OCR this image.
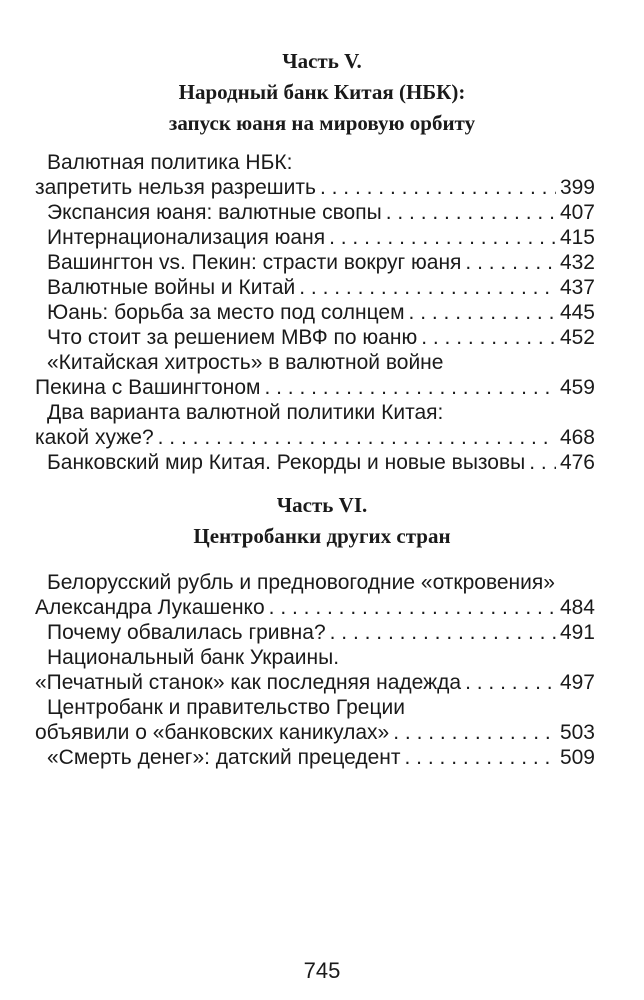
Часть V.
Народный банк Китая (НБК):
запуск юаня на мировую орбиту
Валютная политика НБК:
запретить нельзя разрешить . . .	399
Экспансия юаня: валютные свопы . . .	407
Интернационализация юаня . . .	415
Вашингтон vs. Пекин: страсти вокруг юаня . . .	432
Валютные войны и Китай . . .	437
Юань: борьба за место под солнцем . . .	445
Что стоит за решением МВФ по юаню . . .	452
«Китайская хитрость» в валютной войне
Пекина с Вашингтоном . . .	459
Два варианта валютной политики Китая:
какой хуже? . . .	468
Банковский мир Китая. Рекорды и новые вызовы . . . 476
Часть VI.
Центробанки других стран
Белорусский рубль и предновогодние «откровения»
Александра Лукашенко . . .	484
Почему обвалилась гривна? . . .	491
Национальный банк Украины.
«Печатный станок» как последняя надежда . . .	497
Центробанк и правительство Греции
объявили о «банковских каникулах» . . .	503
«Смерть денег»: датский прецедент . . .	509
745
